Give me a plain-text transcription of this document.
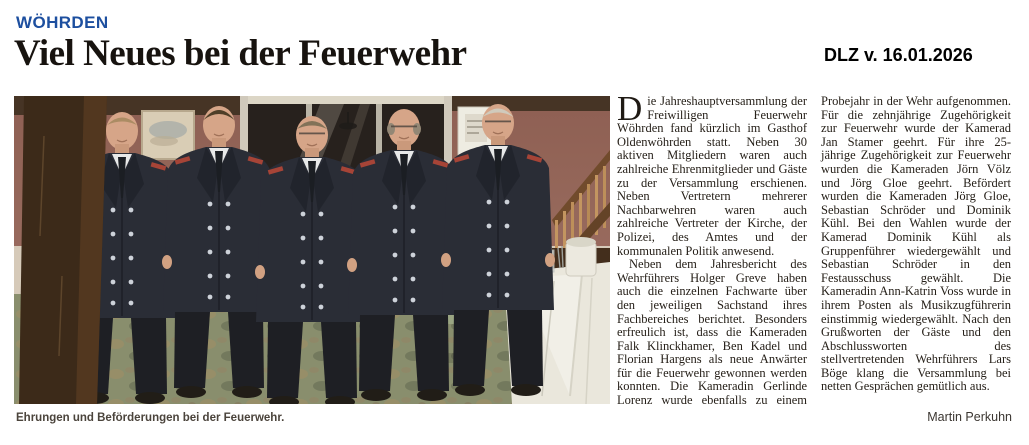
WÖHRDEN
Viel Neues bei der Feuerwehr	DLZ v. 16.01.2026
Ehrungen und Beförderungen bei der Feuerwehr.

Die Jahreshauptversammlung der Freiwilligen Feuerwehr Wöhrden fand kürzlich im Gasthof Oldenwöhrden statt. Neben 30 aktiven Mitgliedern waren auch zahlreiche Ehrenmitglieder und Gäste zu der Versammlung erschienen. Neben Vertretern mehrerer Nachbarwehren waren auch zahlreiche Vertreter der Kirche, der Polizei, des Amtes und der kommunalen Politik anwesend.

Neben dem Jahresbericht des Wehrführers Holger Greve haben auch die einzelnen Fachwarte über den jeweiligen Sachstand ihres Fachbereiches berichtet. Besonders erfreulich ist, dass die Kameraden Falk Klinckhamer, Ben Kadel und Florian Hargens als neue Anwärter für die Feuerwehr gewonnen werden konnten. Die Kameradin Gerlinde Lorenz wurde ebenfalls zu einem Probejahr in der Wehr aufgenommen. Für die zehnjährige Zugehörigkeit zur Feuerwehr wurde der Kamerad Jan Stamer geehrt. Für ihre 25-jährige Zugehörigkeit zur Feuerwehr wurden die Kameraden Jörn Völz und Jörg Gloe geehrt. Befördert wurden die Kameraden Jörg Gloe, Sebastian Schröder und Dominik Kühl. Bei den Wahlen wurde der Kamerad Dominik Kühl als Gruppenführer wiedergewählt und Sebastian Schröder in den Festausschuss gewählt. Die Kameradin Ann-Katrin Voss wurde in ihrem Posten als Musikzugführerin einstimmig wiedergewählt. Nach den Grußworten der Gäste und den Abschlussworten des stellvertretenden Wehrführers Lars Böge klang die Versammlung bei netten Gesprächen gemütlich aus.

Martin Perkuhn
